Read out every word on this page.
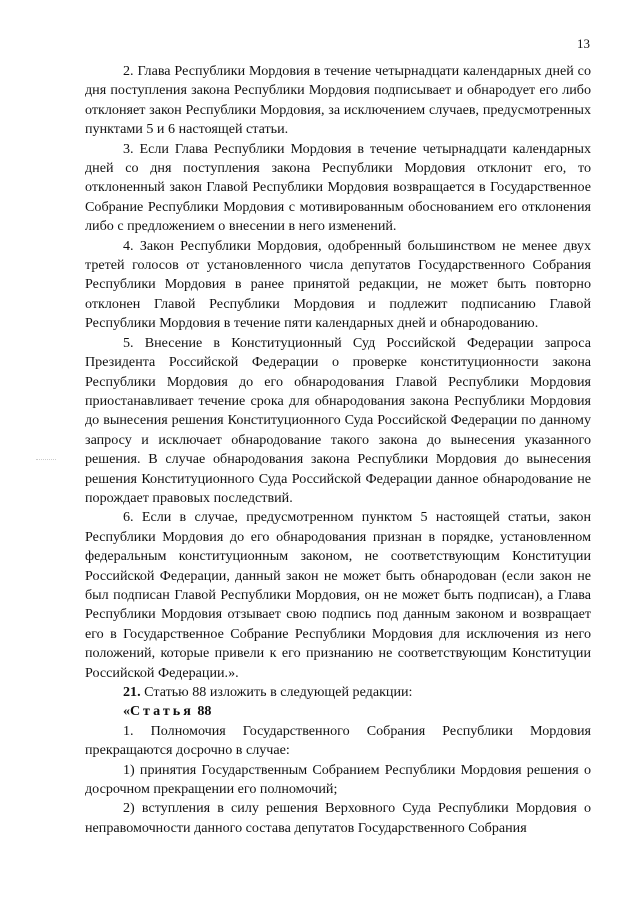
13

2. Глава Республики Мордовия в течение четырнадцати календарных дней со дня поступления закона Республики Мордовия подписывает и обнародует его либо отклоняет закон Республики Мордовия, за исключением случаев, предусмотренных пунктами 5 и 6 настоящей статьи.

3. Если Глава Республики Мордовия в течение четырнадцати календарных дней со дня поступления закона Республики Мордовия отклонит его, то отклоненный закон Главой Республики Мордовия возвращается в Государственное Собрание Республики Мордовия с мотивированным обоснованием его отклонения либо с предложением о внесении в него изменений.

4. Закон Республики Мордовия, одобренный большинством не менее двух третей голосов от установленного числа депутатов Государственного Собрания Республики Мордовия в ранее принятой редакции, не может быть повторно отклонен Главой Республики Мордовия и подлежит подписанию Главой Республики Мордовия в течение пяти календарных дней и обнародованию.

5. Внесение в Конституционный Суд Российской Федерации запроса Президента Российской Федерации о проверке конституционности закона Республики Мордовия до его обнародования Главой Республики Мордовия приостанавливает течение срока для обнародования закона Республики Мордовия до вынесения решения Конституционного Суда Российской Федерации по данному запросу и исключает обнародование такого закона до вынесения указанного решения. В случае обнародования закона Республики Мордовия до вынесения решения Конституционного Суда Российской Федерации данное обнародование не порождает правовых последствий.

6. Если в случае, предусмотренном пунктом 5 настоящей статьи, закон Республики Мордовия до его обнародования признан в порядке, установленном федеральным конституционным законом, не соответствующим Конституции Российской Федерации, данный закон не может быть обнародован (если закон не был подписан Главой Республики Мордовия, он не может быть подписан), а Глава Республики Мордовия отзывает свою подпись под данным законом и возвращает его в Государственное Собрание Республики Мордовия для исключения из него положений, которые привели к его признанию не соответствующим Конституции Российской Федерации.».

21. Статью 88 изложить в следующей редакции:

«Статья 88

1. Полномочия Государственного Собрания Республики Мордовия прекращаются досрочно в случае:

1) принятия Государственным Собранием Республики Мордовия решения о досрочном прекращении его полномочий;

2) вступления в силу решения Верховного Суда Республики Мордовия о неправомочности данного состава депутатов Государственного Собрания
